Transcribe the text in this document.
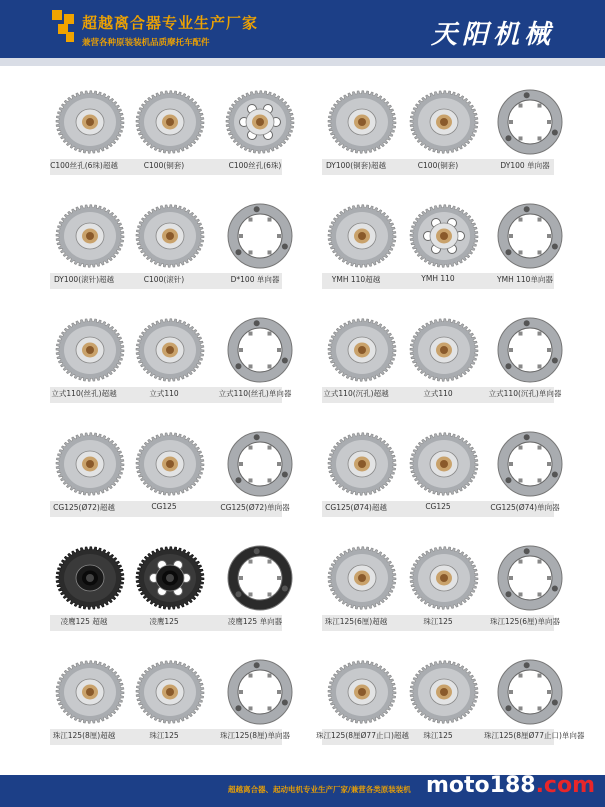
超越离合器专业生产厂家
兼营各种原装装机品质摩托车配件	天阳机械
C100丝孔(6珠)超越	C100(铜套)	C100丝孔(6珠)	DY100(铜套)超越	C100(铜套)	DY100 单向器
DY100(滚针)超越	C100(滚针)	D*100 单向器	YMH 110超越	YMH 110	YMH 110单向器
立式110(丝孔)超越	立式110	立式110(丝孔)单向器	立式110(沉孔)超越	立式110	立式110(沉孔)单向器
CG125(Ø72)超越	CG125	CG125(Ø72)单向器	CG125(Ø74)超越	CG125	CG125(Ø74)单向器
凌鹰125 超越	凌鹰125	凌鹰125 单向器	珠江125(6厘)超越	珠江125	珠江125(6厘)单向器
珠江125(8厘)超越	珠江125	珠江125(8厘)单向器	珠江125(8厘Ø77止口)超越	珠江125	珠江125(8厘Ø77止口)单向器
超越离合器、起动电机专业生产厂家/兼营各类原装装机 moto188.com
